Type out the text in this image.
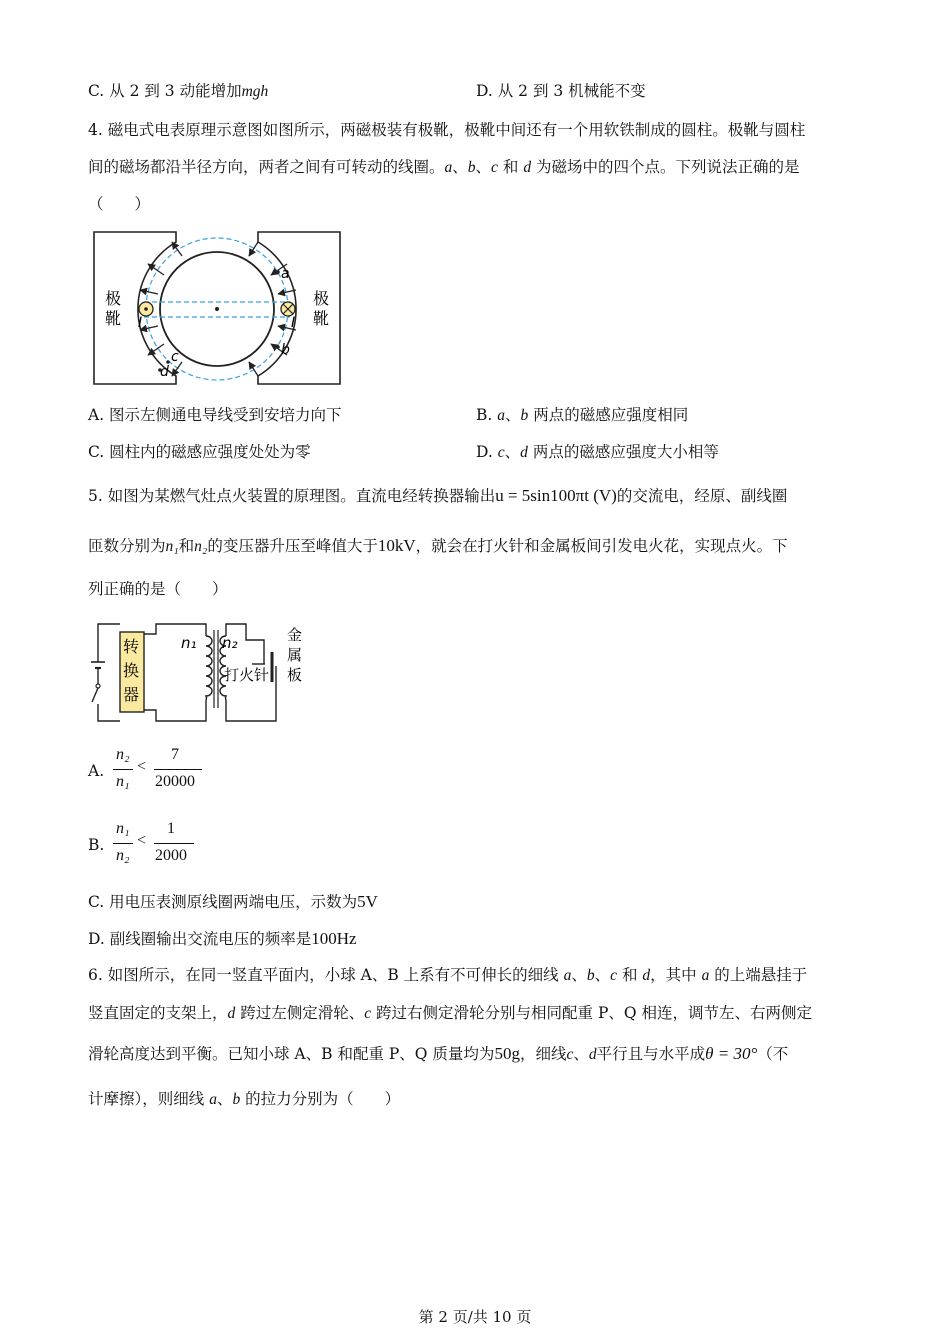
C. 从 2 到 3 动能增加mgh	D. 从 2 到 3 机械能不变
4. 磁电式电表原理示意图如图所示，两磁极装有极靴，极靴中间还有一个用软铁制成的圆柱。极靴与圆柱
间的磁场都沿半径方向，两者之间有可转动的线圈。a、b、c 和 d 为磁场中的四个点。下列说法正确的是
（　　）
极
靴
极
靴
I	I
a
b
c
d
A. 图示左侧通电导线受到安培力向下	B. a、b 两点的磁感应强度相同
C. 圆柱内的磁感应强度处处为零	D. c、d 两点的磁感应强度大小相等
5. 如图为某燃气灶点火装置的原理图。直流电经转换器输出u = 5sin100πt (V)的交流电，经原、副线圈
匝数分别为n₁和n₂的变压器升压至峰值大于10kV，就会在打火针和金属板间引发电火花，实现点火。下
列正确的是（　　）
转
换
器
n₁ n₂
打火针
金
属
板
A.
n₂
n₁
<
7
20000
B.
n₁
n₂
<
1
2000
C. 用电压表测原线圈两端电压，示数为5V
D. 副线圈输出交流电压的频率是100Hz
6. 如图所示，在同一竖直平面内，小球 A、B 上系有不可伸长的细线 a、b、c 和 d，其中 a 的上端悬挂于
竖直固定的支架上，d 跨过左侧定滑轮、c 跨过右侧定滑轮分别与相同配重 P、Q 相连，调节左、右两侧定
滑轮高度达到平衡。已知小球 A、B 和配重 P、Q 质量均为50g，细线c、d平行且与水平成θ = 30°（不
计摩擦），则细线 a、b 的拉力分别为（　　）
第 2 页/共 10 页
